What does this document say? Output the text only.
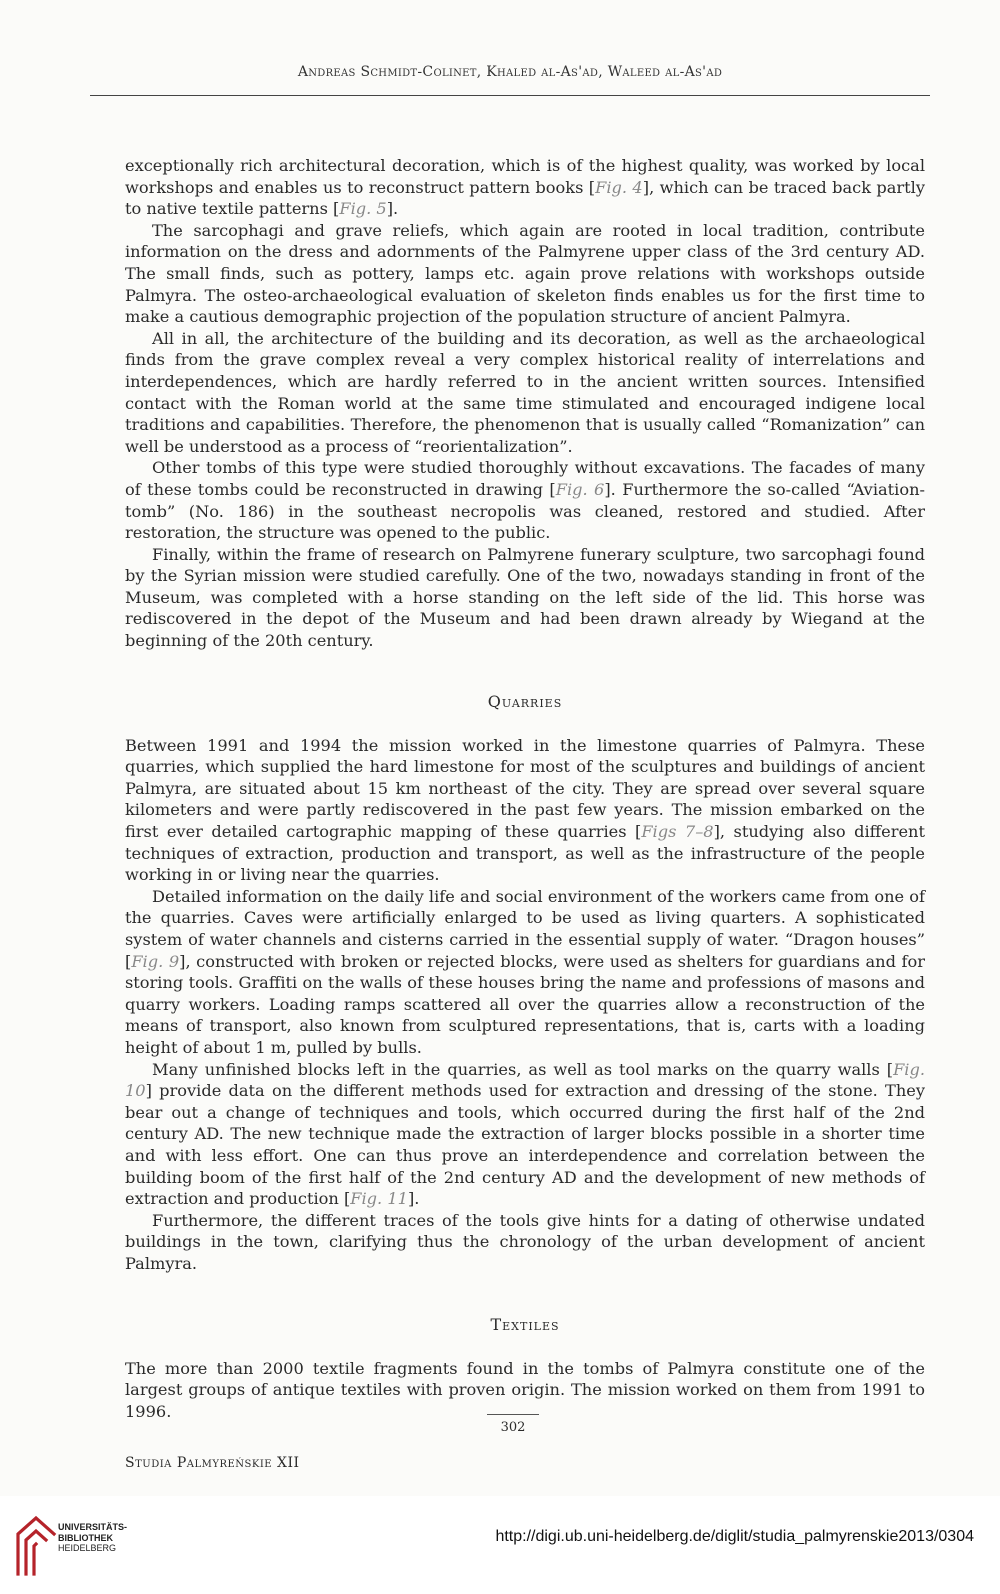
Andreas Schmidt-Colinet, Khaled al-As'ad, Waleed al-As'ad

exceptionally rich architectural decoration, which is of the highest quality, was worked by local workshops and enables us to reconstruct pattern books [Fig. 4], which can be traced back partly to native textile patterns [Fig. 5].

The sarcophagi and grave reliefs, which again are rooted in local tradition, contribute information on the dress and adornments of the Palmyrene upper class of the 3rd century AD. The small finds, such as pottery, lamps etc. again prove relations with workshops outside Palmyra. The osteo-archaeological evaluation of skeleton finds enables us for the first time to make a cautious demographic projection of the population structure of ancient Palmyra.

All in all, the architecture of the building and its decoration, as well as the archaeological finds from the grave complex reveal a very complex historical reality of interrelations and interdependences, which are hardly referred to in the ancient written sources. Intensified contact with the Roman world at the same time stimulated and encouraged indigene local traditions and capabilities. Therefore, the phenomenon that is usually called “Romanization” can well be understood as a process of “reorientalization”.

Other tombs of this type were studied thoroughly without excavations. The facades of many of these tombs could be reconstructed in drawing [Fig. 6]. Furthermore the so-called “Aviation-tomb” (No. 186) in the southeast necropolis was cleaned, restored and studied. After restoration, the structure was opened to the public.

Finally, within the frame of research on Palmyrene funerary sculpture, two sarcophagi found by the Syrian mission were studied carefully. One of the two, nowadays standing in front of the Museum, was completed with a horse standing on the left side of the lid. This horse was rediscovered in the depot of the Museum and had been drawn already by Wiegand at the beginning of the 20th century.

Quarries

Between 1991 and 1994 the mission worked in the limestone quarries of Palmyra. These quarries, which supplied the hard limestone for most of the sculptures and buildings of ancient Palmyra, are situated about 15 km northeast of the city. They are spread over several square kilometers and were partly rediscovered in the past few years. The mission embarked on the first ever detailed cartographic mapping of these quarries [Figs 7–8], studying also different techniques of extraction, production and transport, as well as the infrastructure of the people working in or living near the quarries.

Detailed information on the daily life and social environment of the workers came from one of the quarries. Caves were artificially enlarged to be used as living quarters. A sophisticated system of water channels and cisterns carried in the essential supply of water. “Dragon houses” [Fig. 9], constructed with broken or rejected blocks, were used as shelters for guardians and for storing tools. Graffiti on the walls of these houses bring the name and professions of masons and quarry workers. Loading ramps scattered all over the quarries allow a reconstruction of the means of transport, also known from sculptured representations, that is, carts with a loading height of about 1 m, pulled by bulls.

Many unfinished blocks left in the quarries, as well as tool marks on the quarry walls [Fig. 10] provide data on the different methods used for extraction and dressing of the stone. They bear out a change of techniques and tools, which occurred during the first half of the 2nd century AD. The new technique made the extraction of larger blocks possible in a shorter time and with less effort. One can thus prove an interdependence and correlation between the building boom of the first half of the 2nd century AD and the development of new methods of extraction and production [Fig. 11].

Furthermore, the different traces of the tools give hints for a dating of otherwise undated buildings in the town, clarifying thus the chronology of the urban development of ancient Palmyra.

Textiles

The more than 2000 textile fragments found in the tombs of Palmyra constitute one of the largest groups of antique textiles with proven origin. The mission worked on them from 1991 to 1996.

302
Studia Palmyreńskie XII
UNIVERSITÄTS-
BIBLIOTHEK
HEIDELBERG
http://digi.ub.uni-heidelberg.de/diglit/studia_palmyrenskie2013/0304
